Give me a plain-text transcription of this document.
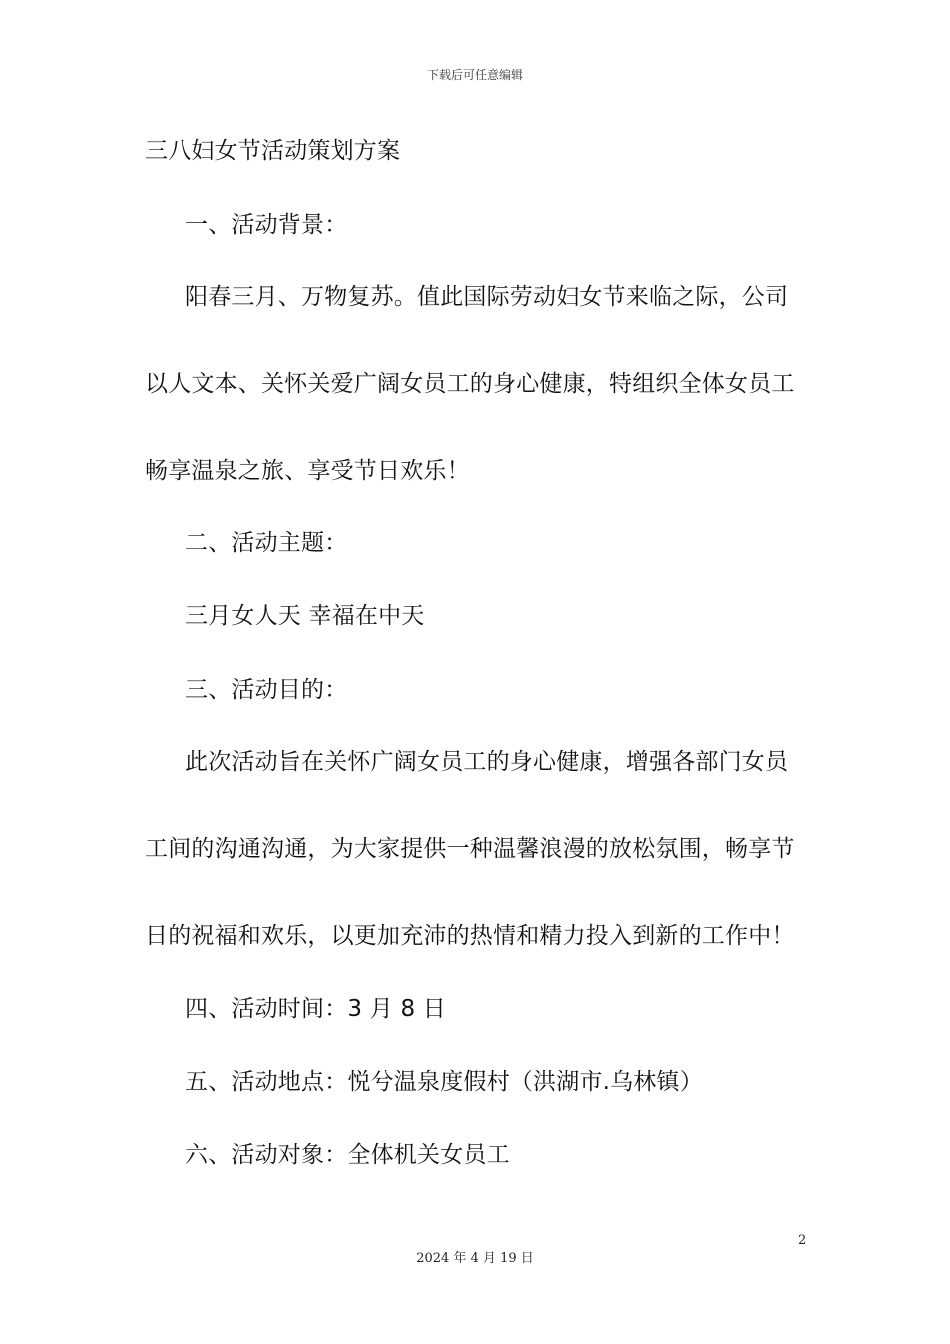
下载后可任意编辑
三八妇女节活动策划方案
一、活动背景：
阳春三月、万物复苏。值此国际劳动妇女节来临之际，公司
以人文本、关怀关爱广阔女员工的身心健康，特组织全体女员工
畅享温泉之旅、享受节日欢乐！
二、活动主题：
三月女人天 幸福在中天
三、活动目的：
此次活动旨在关怀广阔女员工的身心健康，增强各部门女员
工间的沟通沟通，为大家提供一种温馨浪漫的放松氛围，畅享节
日的祝福和欢乐，以更加充沛的热情和精力投入到新的工作中！
四、活动时间：3 月 8 日
五、活动地点：悦兮温泉度假村（洪湖市.乌林镇）
六、活动对象：全体机关女员工
2
2024 年 4 月 19 日
